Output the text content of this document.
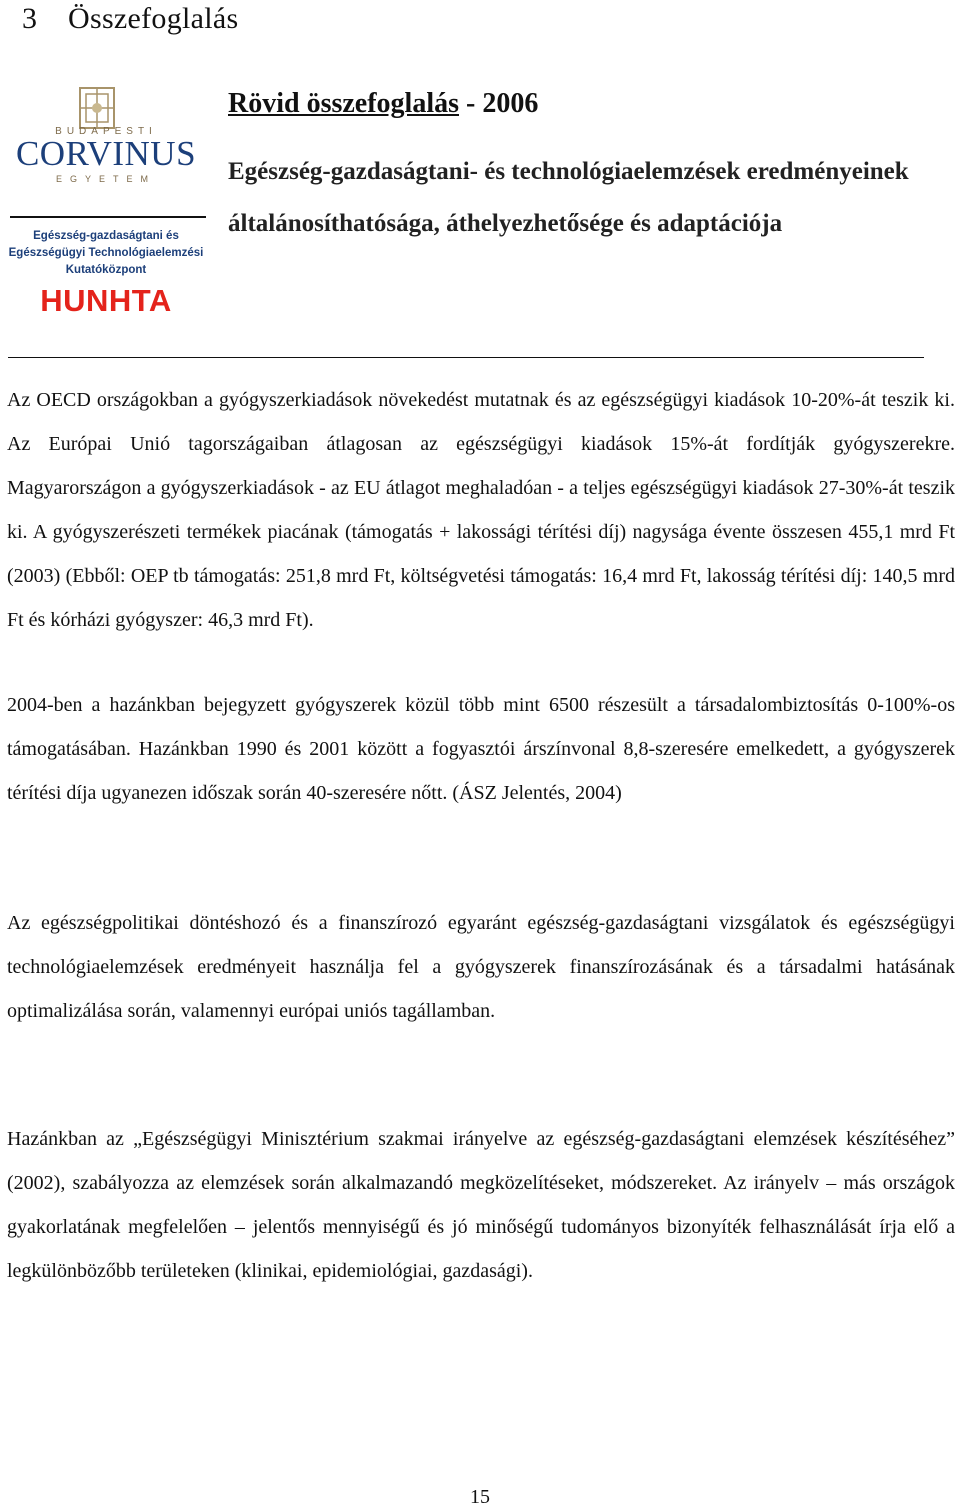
3 Összefoglalás
BUDAPESTI
CORVINUS
EGYETEM
Egészség-gazdaságtani és
Egészségügyi Technológiaelemzési
Kutatóközpont
HUNHTA
Rövid összefoglalás - 2006

Egészség-gazdaságtani- és technológiaelemzések eredményeinek általánosíthatósága, áthelyezhetősége és adaptációja

Az OECD országokban a gyógyszerkiadások növekedést mutatnak és az egészségügyi kiadások 10-20%-át teszik ki. Az Európai Unió tagországaiban átlagosan az egészségügyi kiadások 15%-át fordítják gyógyszerekre. Magyarországon a gyógyszerkiadások - az EU átlagot meghaladóan - a teljes egészségügyi kiadások 27-30%-át teszik ki. A gyógyszerészeti termékek piacának (támogatás + lakossági térítési díj) nagysága évente összesen 455,1 mrd Ft (2003) (Ebből: OEP tb támogatás: 251,8 mrd Ft, költségvetési támogatás: 16,4 mrd Ft, lakosság térítési díj: 140,5 mrd Ft és kórházi gyógyszer: 46,3 mrd Ft).

2004-ben a hazánkban bejegyzett gyógyszerek közül több mint 6500 részesült a társadalombiztosítás 0-100%-os támogatásában. Hazánkban 1990 és 2001 között a fogyasztói árszínvonal 8,8-szeresére emelkedett, a gyógyszerek térítési díja ugyanezen időszak során 40-szeresére nőtt. (ÁSZ Jelentés, 2004)

Az egészségpolitikai döntéshozó és a finanszírozó egyaránt egészség-gazdaságtani vizsgálatok és egészségügyi technológiaelemzések eredményeit használja fel a gyógyszerek finanszírozásának és a társadalmi hatásának optimalizálása során, valamennyi európai uniós tagállamban.

Hazánkban az „Egészségügyi Minisztérium szakmai irányelve az egészség-gazdaságtani elemzések készítéséhez” (2002), szabályozza az elemzések során alkalmazandó megközelítéseket, módszereket. Az irányelv – más országok gyakorlatának megfelelően – jelentős mennyiségű és jó minőségű tudományos bizonyíték felhasználását írja elő a legkülönbözőbb területeken (klinikai, epidemiológiai, gazdasági).

15
